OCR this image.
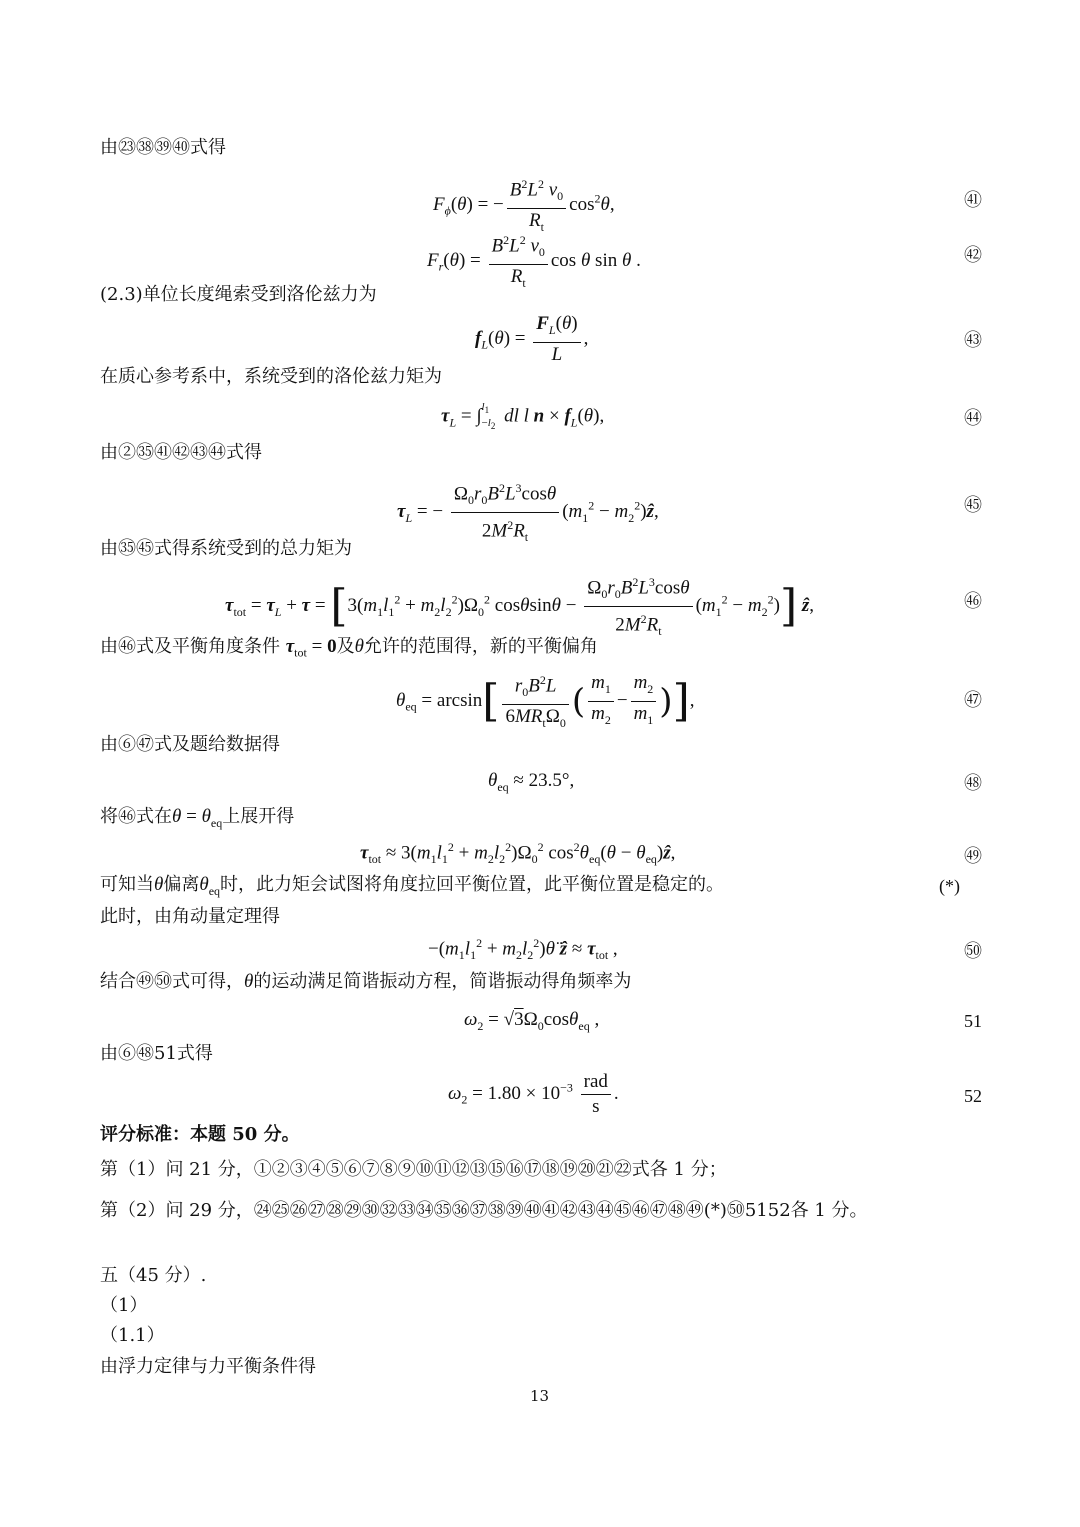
由㉓㊳㊴㊵式得
$F_\phi(\theta)$ = − $\frac{B^2L^2 v_0}{R_t} \cos^2\theta$,	㊶
$F_r(\theta) = \frac{B^2L^2 v_0}{R_t}$ cos θ sin θ .	㊷
(2.3)单位长度绳索受到洛伦兹力为
$f_L(\theta) = \frac{F_L(\theta)}{L}$ ,	㊸
在质心参考系中，系统受到的洛伦兹力矩为
$\tau_L = \int l_1$
$-l_2$ dl l $n \times f_L(\theta)$,	㊹
由②㉟㊶㊷㊸㊹式得
$\tau_L$ = − $\frac{\Omega_0r_0B^2L^3\cos\theta}{2M^2R_t} (m_1^2$ − $m_2^2)ẑ$,	㊺
由㉟㊺式得系统受到的总力矩为
$\tau_{tot} = \tau_L + \tau = [3(m_1l_1^2 + m_2l_2^2)\Omega_0^2$ $\cos\theta\sin\theta - \frac{\Omega_0r_0B^2L^3\cos\theta}{2M^2R_t} (m_1^2 - m_2^2)$] ẑ,	㊻
由㊻式及平衡角度条件 $\tau_{tot} = 0$及θ允许的范围得，新的平衡偏角
$\theta_{eq} = \arcsin[ \frac{r_0B^2L}{6MR_t\Omega_0}$ ( $\frac{m_1}{m_2} - \frac{m_2}{m_1}$ )],	㊼
由⑥㊼式及题给数据得
$\theta_{eq} \approx 23.5^\circ$,	㊽
将㊻式在$\theta = \theta_{eq}$上展开得
$\tau_{tot} \approx 3(m_1l_1^2 + m_2l_2^2)\Omega_0^2$ $\cos^2\theta_{eq}(\theta$ − $\theta_{eq})ẑ$,	㊾
可知当θ偏离$\theta_{eq}$时，此力矩会试图将角度拉回平衡位置，此平衡位置是稳定的。	(*)
此时，由角动量定理得
$-(m_1l_1^2$ + $m_2l_2^2)\thetä$ ẑ ≈ $\tau_{tot}$ ,	㊿
结合㊾㊿式可得，θ的运动满足简谐振动方程，简谐振动得角频率为
$\omega_2 = √3\Omega_0\cos\theta_{eq}$ ,	51
由⑥㊽51式得
$\omega_2 = 1.80 \times 10^{-3} \frac{\text{rad}}{s}$ .	52
评分标准：本题 50 分。
第（1）问 21 分，①②③④⑤⑥⑦⑧⑨⑩⑪⑫⑬⑮⑯⑰⑱⑲⑳㉑㉒式各 1 分；
第（2）问 29 分，㉔㉕㉖㉗㉘㉙㉚㉜㉝㉞㉟㊱㊲㊳㊴㊵㊶㊷㊸㊹㊺㊻㊼㊽㊾(*)㊿5152各 1 分。
五（45 分）.
（1）
（1.1）
由浮力定律与力平衡条件得
13
